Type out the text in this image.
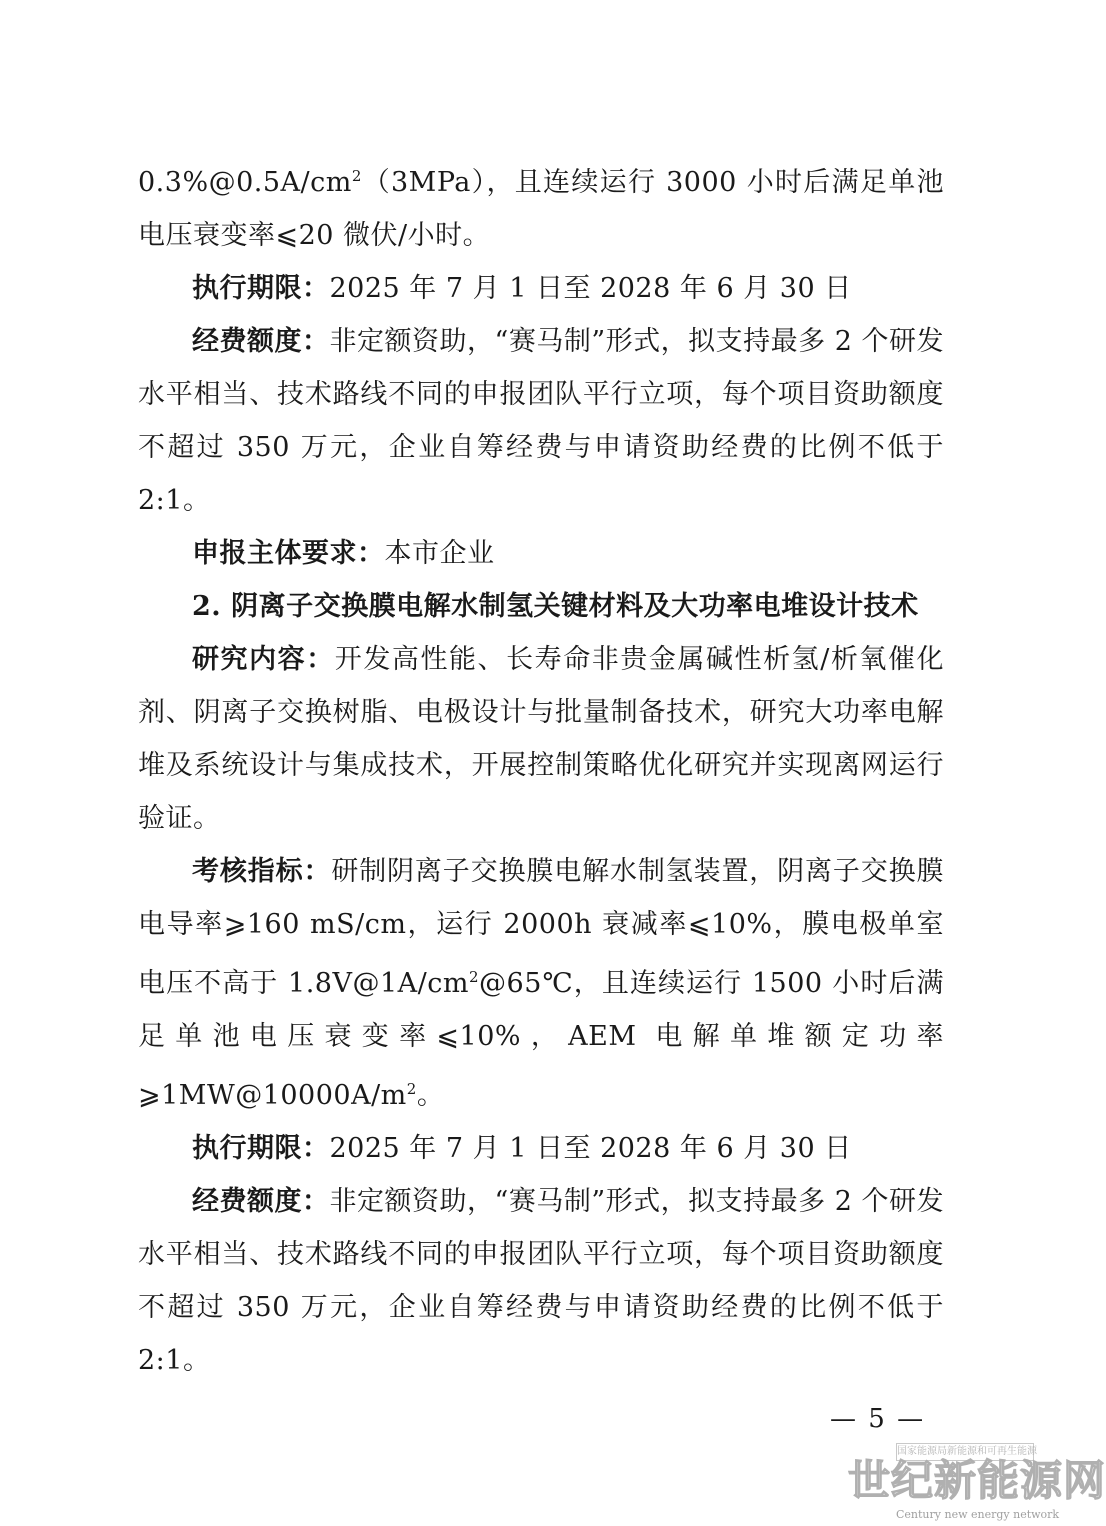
$0.3\%@0.5A/cm^2(3MPa)$，且连续运行 3000 小时后满足单池电压衰变率⩽20 微伏/小时。

执行期限：2025 年 7 月 1 日至 2028 年 6 月 30 日

经费额度：非定额资助，“赛马制”形式，拟支持最多 2 个研发水平相当、技术路线不同的申报团队平行立项，每个项目资助额度不超过 350 万元，企业自筹经费与申请资助经费的比例不低于 2:1。

申报主体要求：本市企业

2. 阴离子交换膜电解水制氢关键材料及大功率电堆设计技术

研究内容：开发高性能、长寿命非贵金属碱性析氢/析氧催化剂、阴离子交换树脂、电极设计与批量制备技术，研究大功率电解堆及系统设计与集成技术，开展控制策略优化研究并实现离网运行验证。

考核指标：研制阴离子交换膜电解水制氢装置，阴离子交换膜电导率⩾160 mS/cm，运行 2000h 衰减率⩽10%，膜电极单室电压不高于 $1.8V@1A/cm^2@65℃$，且连续运行 1500 小时后满足单池电压衰变率⩽10%，AEM 电解单堆额定功率$⩾1MW@10000A/m^2$。

执行期限：2025 年 7 月 1 日至 2028 年 6 月 30 日

经费额度：非定额资助，“赛马制”形式，拟支持最多 2 个研发水平相当、技术路线不同的申报团队平行立项，每个项目资助额度不超过 350 万元，企业自筹经费与申请资助经费的比例不低于 2:1。

— 5 —
国家能源局新能源和可再生能源
世纪新能源网
Century new energy network
